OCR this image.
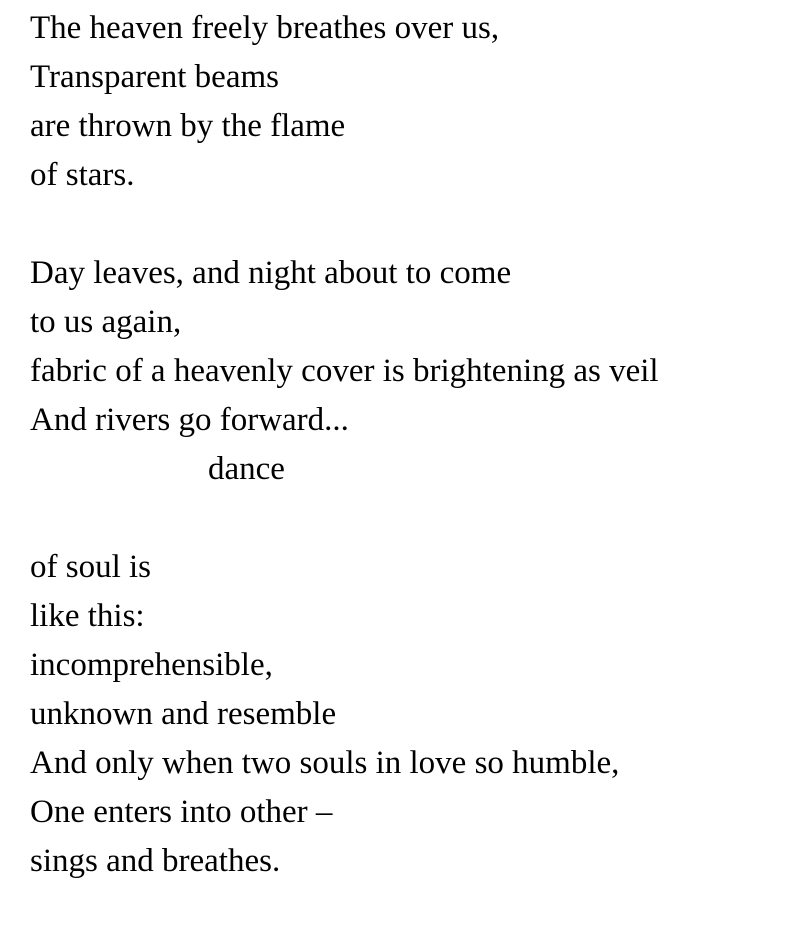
The heaven freely breathes over us,
Transparent beams
are thrown by the flame
of stars.
Day leaves, and night about to come
to us again,
fabric of a heavenly cover is brightening as veil
And rivers go forward...
dance
of soul is
like this:
incomprehensible,
unknown and resemble
And only when two souls in love so humble,
One enters into other –
sings and breathes.
